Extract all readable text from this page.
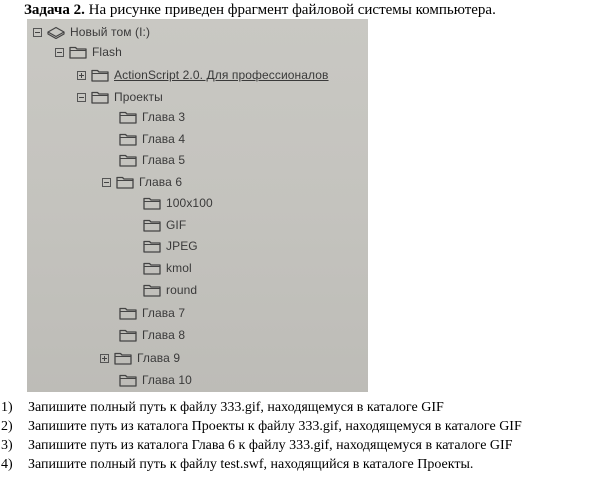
Задача 2. На рисунке приведен фрагмент файловой системы компьютера.
Новый том (I:)
Flash
ActionScript 2.0. Для профессионалов
Проекты
Глава 3
Глава 4
Глава 5
Глава 6
100x100
GIF
JPEG
kmol
round
Глава 7
Глава 8
Глава 9
Глава 10
1)	Запишите полный путь к файлу 333.gif, находящемуся в каталоге GIF
2)	Запишите путь из каталога Проекты к файлу 333.gif, находящемуся в каталоге GIF
3)	Запишите путь из каталога Глава 6 к файлу 333.gif, находящемуся в каталоге GIF
4)	Запишите полный путь к файлу test.swf, находящийся в каталоге Проекты.
